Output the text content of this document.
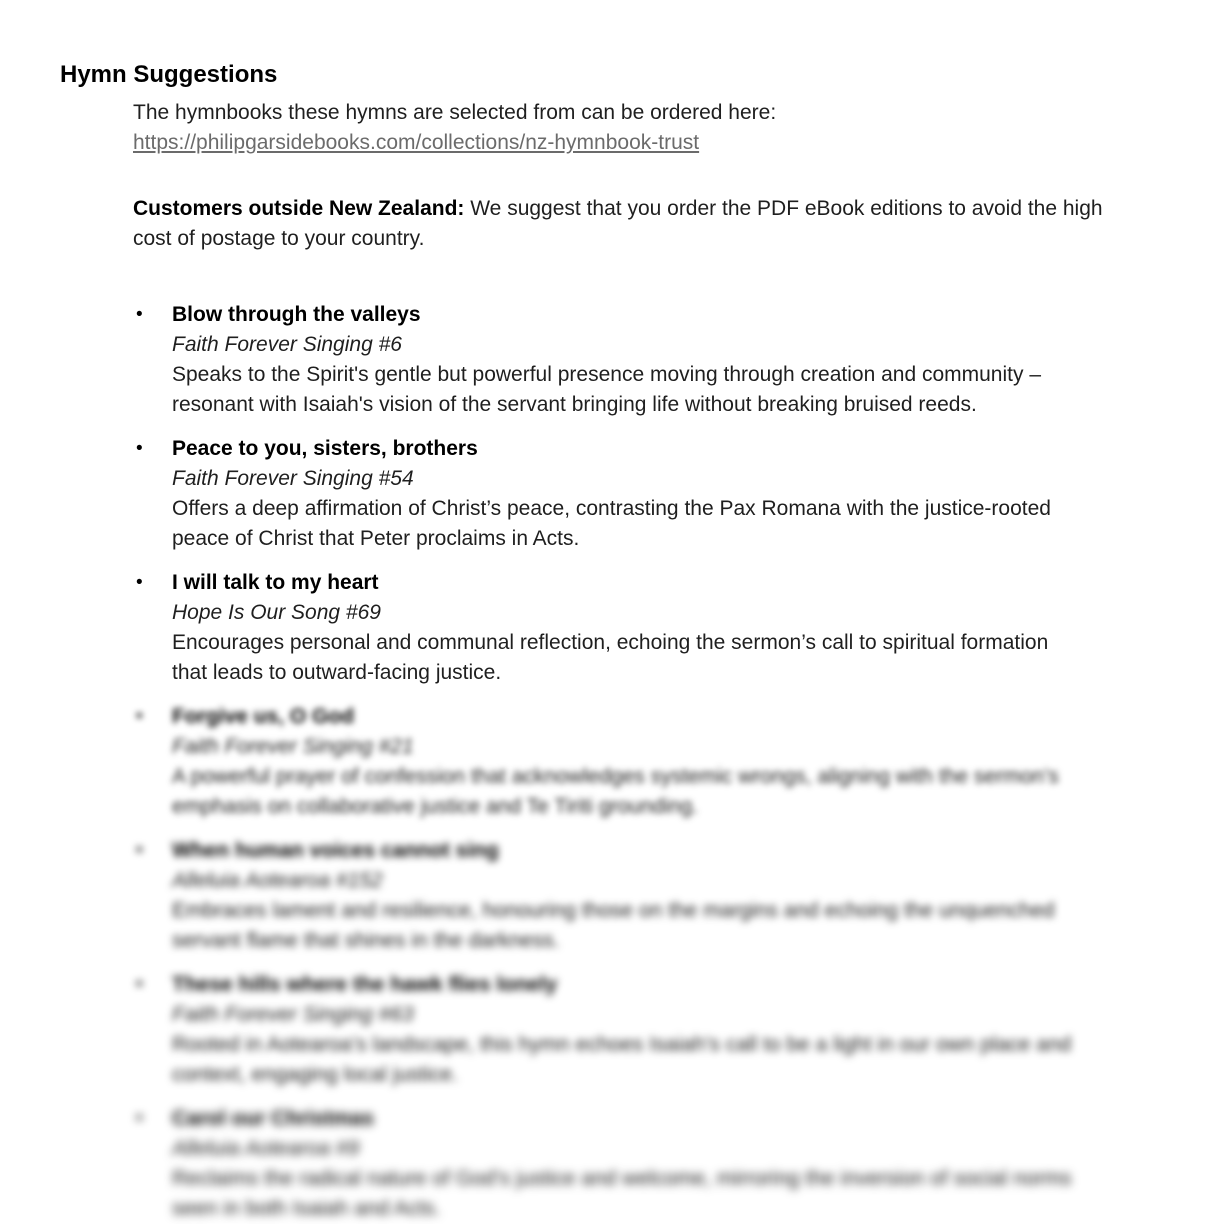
Hymn Suggestions
The hymnbooks these hymns are selected from can be ordered here:
https://philipgarsidebooks.com/collections/nz-hymnbook-trust
Customers outside New Zealand: We suggest that you order the PDF eBook editions to avoid the high
cost of postage to your country.
•	Blow through the valleys
Faith Forever Singing #6
Speaks to the Spirit's gentle but powerful presence moving through creation and community –
resonant with Isaiah's vision of the servant bringing life without breaking bruised reeds.
•	Peace to you, sisters, brothers
Faith Forever Singing #54
Offers a deep affirmation of Christ’s peace, contrasting the Pax Romana with the justice-rooted
peace of Christ that Peter proclaims in Acts.
•	I will talk to my heart
Hope Is Our Song #69
Encourages personal and communal reflection, echoing the sermon’s call to spiritual formation
that leads to outward-facing justice.
•	Forgive us, O God
Faith Forever Singing #21
A powerful prayer of confession that acknowledges systemic wrongs, aligning with the sermon’s
emphasis on collaborative justice and Te Tiriti grounding.
•	When human voices cannot sing
Alleluia Aotearoa #152
Embraces lament and resilience, honouring those on the margins and echoing the unquenched
servant flame that shines in the darkness.
•	These hills where the hawk flies lonely
Faith Forever Singing #63
Rooted in Aotearoa’s landscape, this hymn echoes Isaiah’s call to be a light in our own place and
context, engaging local justice.
•	Carol our Christmas
Alleluia Aotearoa #9
Reclaims the radical nature of God’s justice and welcome, mirroring the inversion of social norms
seen in both Isaiah and Acts.
